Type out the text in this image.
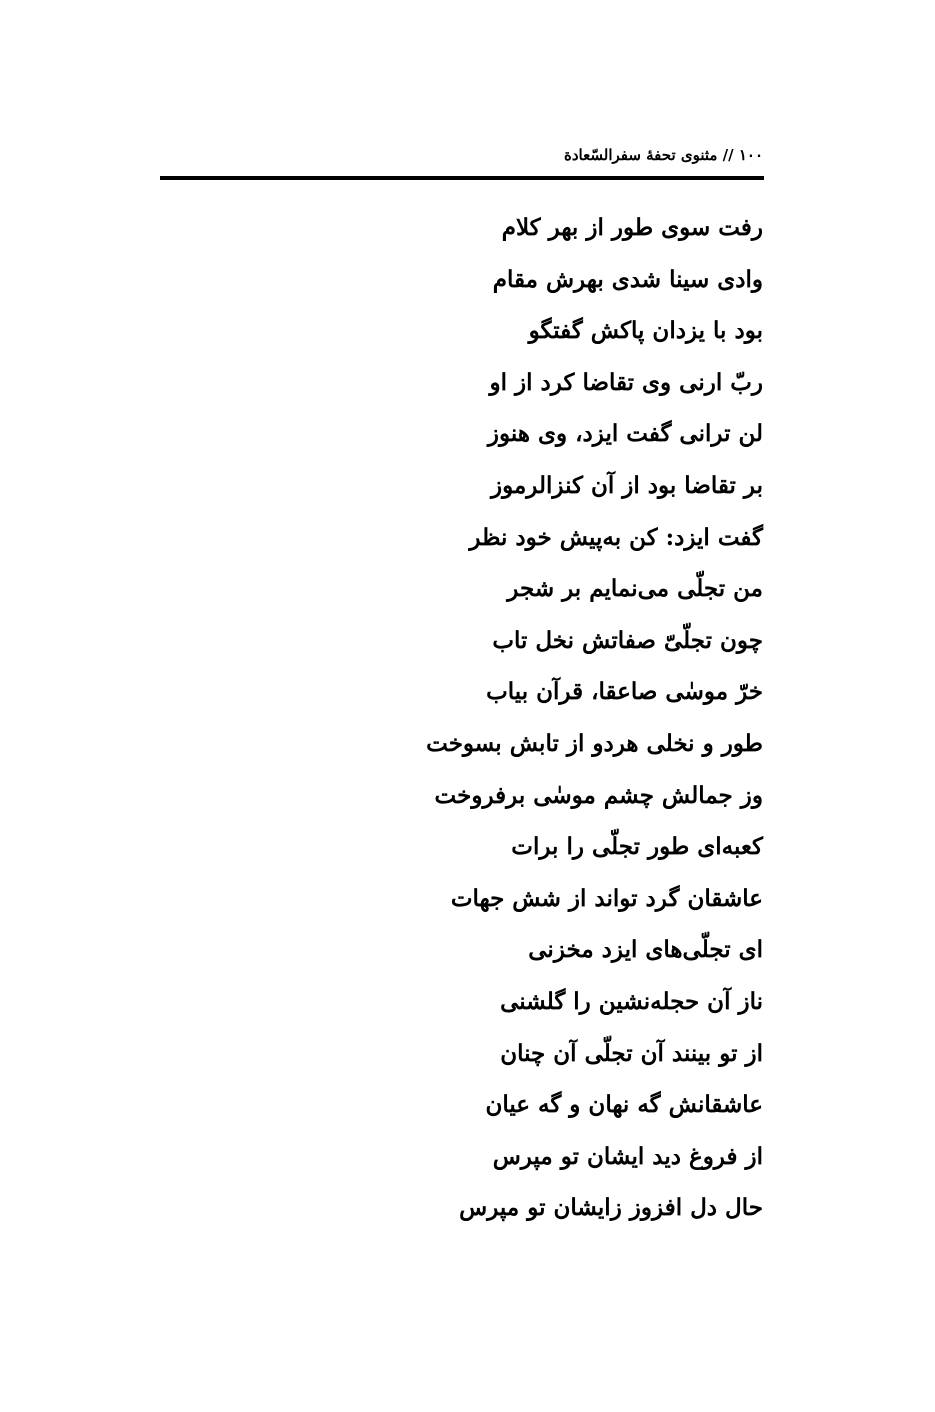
۱۰۰ // مثنوی تحفهٔ سفرالسّعادة
رفت سوی طور از بهر کلام
وادی سینا شدی بهرش مقام
بود با یزدان پاکش گفتگو
ربّ ارنی وی تقاضا کرد از او
لن ترانی گفت ایزد، وی هنوز
بر تقاضا بود از آن کنزالرموز
گفت ایزد: کن به‌پیش خود نظر
من تجلّی می‌نمایم بر شجر
چون تجلّیّ صفاتش نخل تاب
خرّ موسٰی صاعقا، قرآن بیاب
طور و نخلی هردو از تابش بسوخت
وز جمالش چشم موسٰی برفروخت
کعبه‌ای طور تجلّی را برات
عاشقان گرد تواند از شش جهات
ای تجلّی‌های ایزد مخزنی
ناز آن حجله‌نشین را گلشنی
از تو بینند آن تجلّی آن چنان
عاشقانش گه نهان و گه عیان
از فروغ دید ایشان تو مپرس
حال دل افزوز زایشان تو مپرس
